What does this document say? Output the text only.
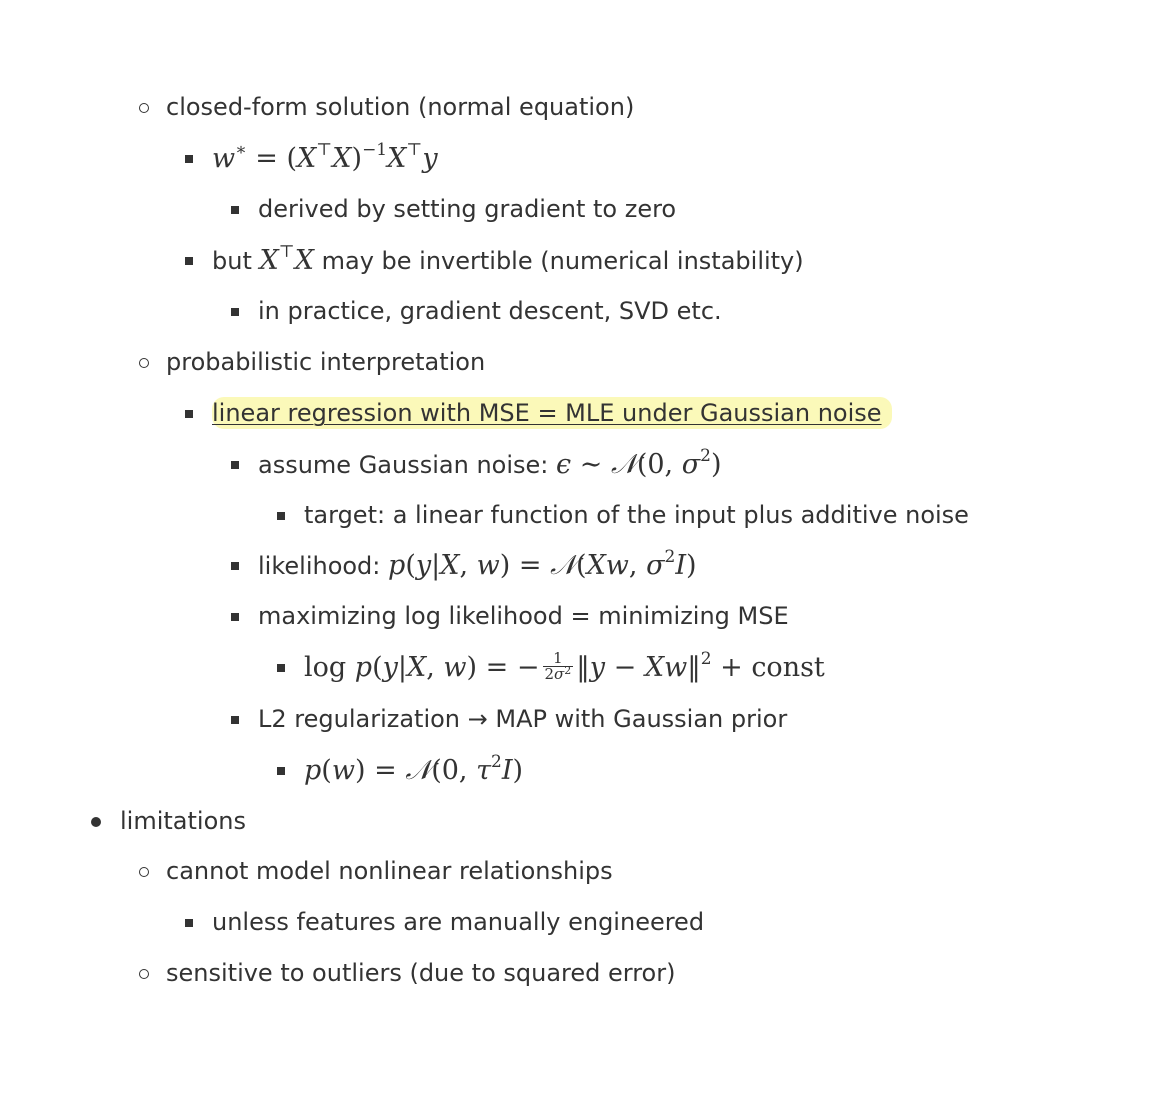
closed-form solution (normal equation)
$w^∗ = (X^⊤X)^{-1}X^⊤y$
derived by setting gradient to zero
but X⊤X may be invertible (numerical instability)
in practice, gradient descent, SVD etc.
probabilistic interpretation
linear regression with MSE = MLE under Gaussian noise
assume Gaussian noise: ϵ ∼ 𝒩(0, $\sigma^2$)
target: a linear function of the input plus additive noise
likelihood: p(y|X, w) = 𝒩(Xw, $\sigma^2I$)
maximizing log likelihood = minimizing MSE
log p(y|X, w) = − $\frac{1}{2\sigma^2}$ ‖y − Xw‖$^2$ + const
L2 regularization → MAP with Gaussian prior
p(w) = 𝒩(0, $\tau^2I$)
limitations
cannot model nonlinear relationships
unless features are manually engineered
sensitive to outliers (due to squared error)
